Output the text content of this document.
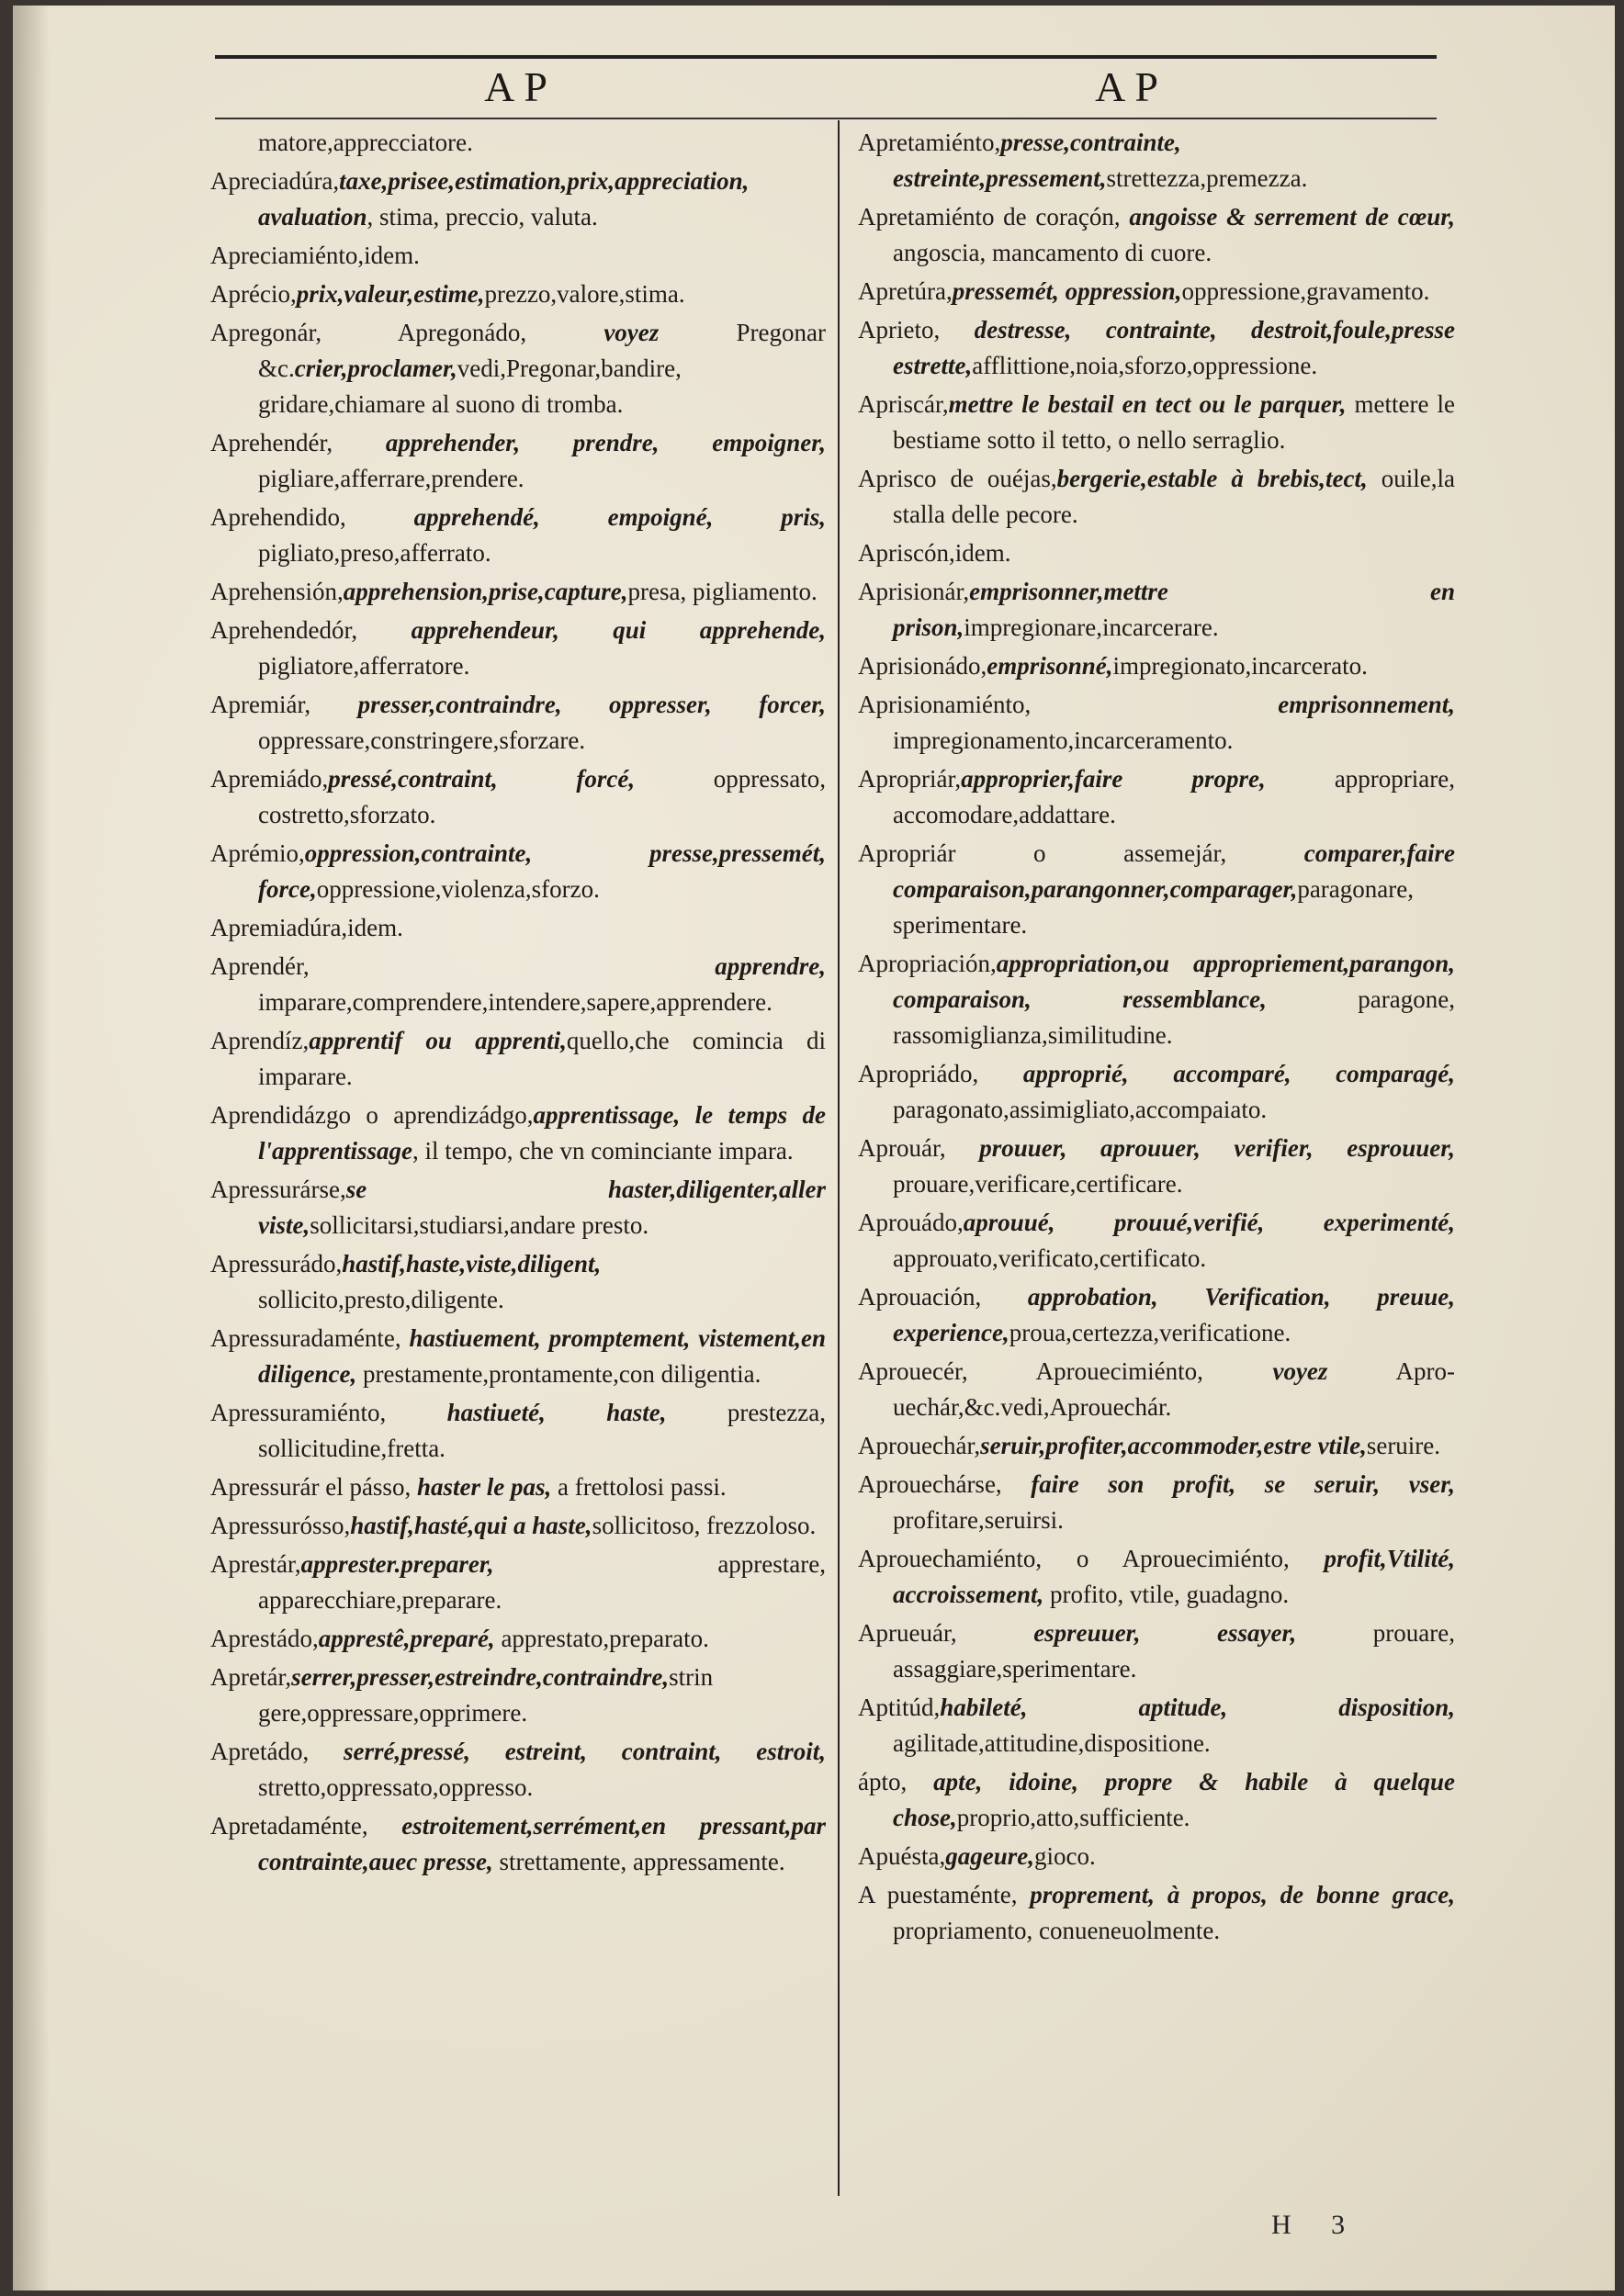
AP	AP

matore,apprecciatore.

Apreciadúra,taxe,prisee,estimation,prix,appreciation, avaluation, stima, preccio, valuta.

Apreciamiénto,idem.

Aprécio,prix,valeur,estime,prezzo,valore,stima.

Apregonár, Apregonádo, voyez Pregonar &c.crier,proclamer,vedi,Pregonar,bandire, gridare,chiamare al suono di tromba.

Aprehendér, apprehender, prendre, empoigner, pigliare,afferrare,prendere.

Aprehendido, apprehendé, empoigné, pris, pigliato,preso,afferrato.

Aprehensión,apprehension,prise,capture,presa, pigliamento.

Aprehendedór, apprehendeur, qui apprehende, pigliatore,afferratore.

Apremiár, presser,contraindre, oppresser, forcer, oppressare,constringere,sforzare.

Apremiádo,pressé,contraint, forcé, oppressato, costretto,sforzato.

Aprémio,oppression,contrainte, presse,pressemét, force,oppressione,violenza,sforzo.

Apremiadúra,idem.

Aprendér, apprendre, imparare,comprendere,intendere,sapere,apprendere.

Aprendíz,apprentif ou apprenti,quello,che comincia di imparare.

Aprendidázgo o aprendizádgo,apprentissage, le temps de l'apprentissage, il tempo, che vn cominciante impara.

Apressurárse,se haster,diligenter,aller viste,sollicitarsi,studiarsi,andare presto.

Apressurádo,hastif,haste,viste,diligent, sollicito,presto,diligente.

Apressuradaménte, hastiuement, promptement, vistement,en diligence, prestamente,prontamente,con diligentia.

Apressuramiénto, hastiueté, haste, prestezza, sollicitudine,fretta.

Apressurár el pásso, haster le pas, a frettolosi passi.

Apressurósso,hastif,hasté,qui a haste,sollicitoso, frezzoloso.

Aprestár,apprester.preparer, apprestare, apparecchiare,preparare.

Aprestádo,apprestê,preparé, apprestato,preparato.

Apretár,serrer,presser,estreindre,contraindre,strin gere,oppressare,opprimere.

Apretádo, serré,pressé, estreint, contraint, estroit, stretto,oppressato,oppresso.

Apretadaménte, estroitement,serrément,en pressant,par contrainte,auec presse, strettamente, appressamente.

Apretamiénto,presse,contrainte, estreinte,pressement,strettezza,premezza.

Apretamiénto de coraçón, angoisse & serrement de cœur, angoscia, mancamento di cuore.

Apretúra,pressemét, oppression,oppressione,gravamento.

Aprieto, destresse, contrainte, destroit,foule,presse estrette,afflittione,noia,sforzo,oppressione.

Apriscár,mettre le bestail en tect ou le parquer, mettere le bestiame sotto il tetto, o nello serraglio.

Aprisco de ouéjas,bergerie,estable à brebis,tect, ouile,la stalla delle pecore.

Apriscón,idem.

Aprisionár,emprisonner,mettre en prison,impregionare,incarcerare.

Aprisionádo,emprisonné,impregionato,incarcerato.

Aprisionamiénto, emprisonnement, impregionamento,incarceramento.

Apropriár,approprier,faire propre, appropriare, accomodare,addattare.

Apropriár o assemejár, comparer,faire comparaison,parangonner,comparager,paragonare, sperimentare.

Apropriación,appropriation,ou appropriement,parangon, comparaison, ressemblance, paragone, rassomiglianza,similitudine.

Apropriádo, approprié, accomparé, comparagé, paragonato,assimigliato,accompaiato.

Aprouár, prouuer, aprouuer, verifier, esprouuer, prouare,verificare,certificare.

Aprouádo,aprouué, prouué,verifié, experimenté, approuato,verificato,certificato.

Aprouación, approbation, Verification, preuue, experience,proua,certezza,verificatione.

Aprouecér, Aprouecimiénto, voyez Apro-uechár,&c.vedi,Aprouechár.

Aprouechár,seruir,profiter,accommoder,estre vtile,seruire.

Aprouechárse, faire son profit, se seruir, vser, profitare,seruirsi.

Aprouechamiénto, o Aprouecimiénto, profit,Vtilité, accroissement, profito, vtile, guadagno.

Aprueuár, espreuuer, essayer, prouare, assaggiare,sperimentare.

Aptitúd,habileté, aptitude, disposition, agilitade,attitudine,dispositione.

ápto, apte, idoine, propre & habile à quelque chose,proprio,atto,sufficiente.

Apuésta,gageure,gioco.

A puestaménte, proprement, à propos, de bonne grace, propriamento, conueneuolmente.

H 3
